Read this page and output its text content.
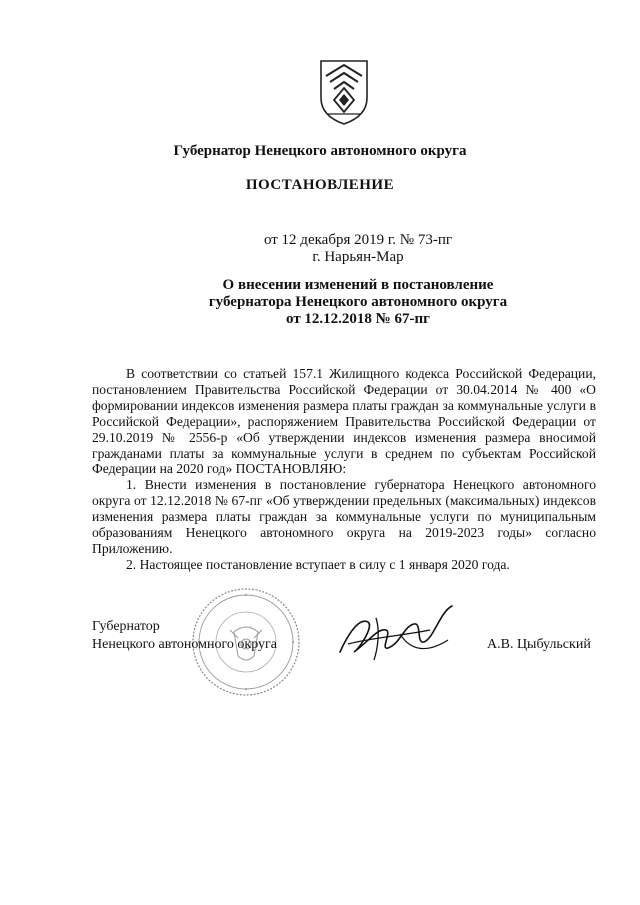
Губернатор Ненецкого автономного округа
ПОСТАНОВЛЕНИЕ
от 12 декабря 2019 г. № 73-пг
г. Нарьян-Мар
О внесении изменений в постановление
губернатора Ненецкого автономного округа
от 12.12.2018 № 67-пг

В соответствии со статьей 157.1 Жилищного кодекса Российской Федерации, постановлением Правительства Российской Федерации от 30.04.2014 № 400 «О формировании индексов изменения размера платы граждан за коммунальные услуги в Российской Федерации», распоряжением Правительства Российской Федерации от 29.10.2019 № 2556-р «Об утверждении индексов изменения размера вносимой гражданами платы за коммунальные услуги в среднем по субъектам Российской Федерации на 2020 год» ПОСТАНОВЛЯЮ:

1. Внести изменения в постановление губернатора Ненецкого автономного округа от 12.12.2018 № 67-пг «Об утверждении предельных (максимальных) индексов изменения размера платы граждан за коммунальные услуги по муниципальным образованиям Ненецкого автономного округа на 2019-2023 годы» согласно Приложению.

2. Настоящее постановление вступает в силу с 1 января 2020 года.

Губернатор
Ненецкого автономного округа	А.В. Цыбульский
